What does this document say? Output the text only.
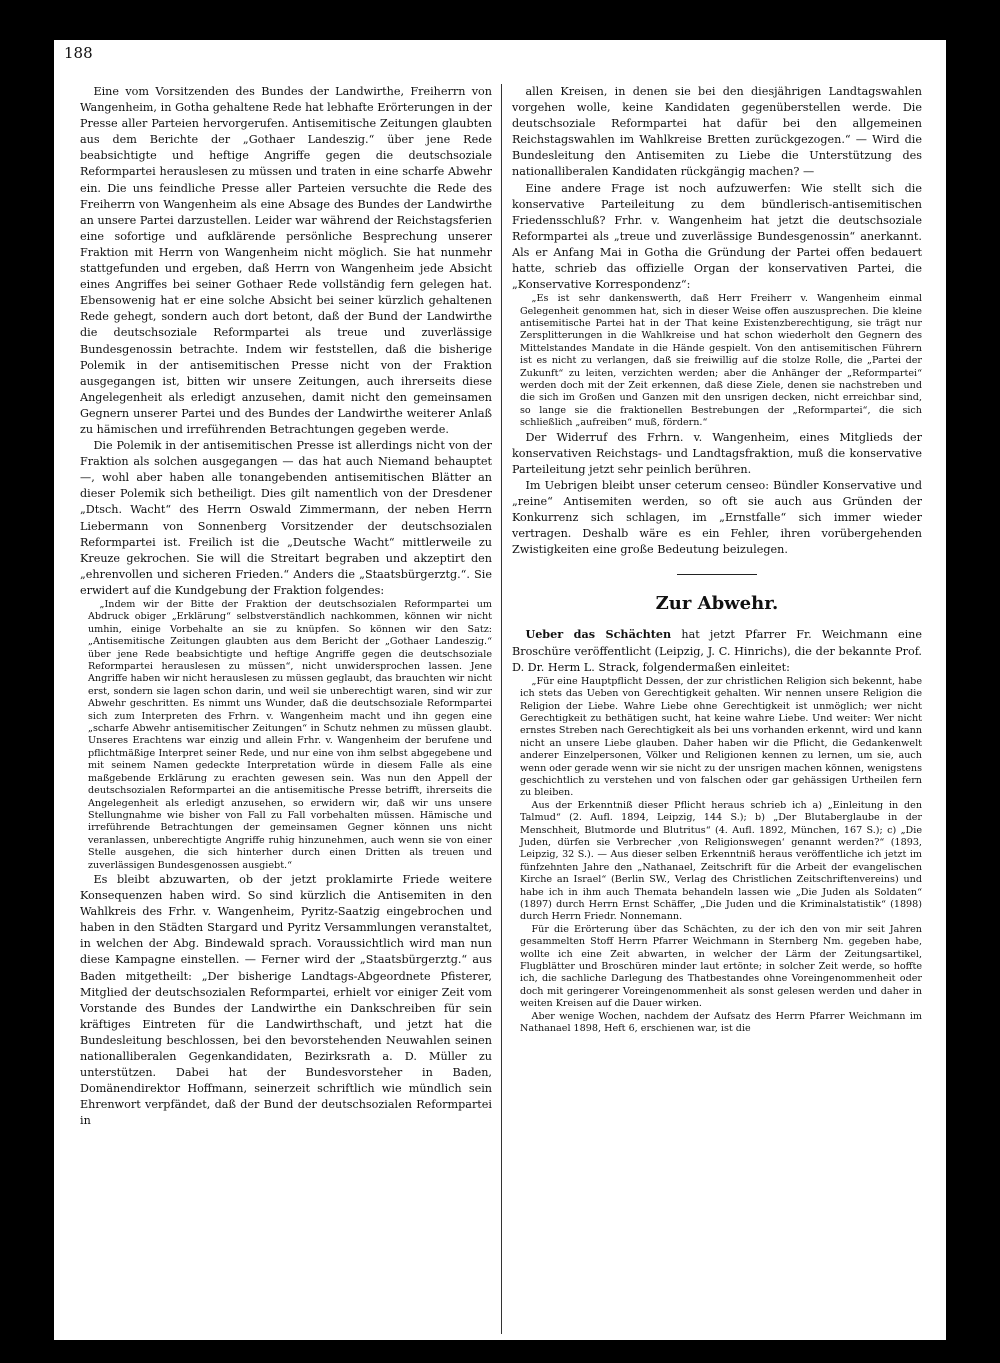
188

Eine vom Vorsitzenden des Bundes der Landwirthe, Freiherrn von Wangenheim, in Gotha gehaltene Rede hat lebhafte Erörterungen in der Presse aller Parteien hervorgerufen. Antisemitische Zeitungen glaubten aus dem Berichte der „Gothaer Landeszig.“ über jene Rede beabsichtigte und heftige Angriffe gegen die deutschsoziale Reformpartei herauslesen zu müssen und traten in eine scharfe Abwehr ein. Die uns feindliche Presse aller Parteien versuchte die Rede des Freiherrn von Wangenheim als eine Absage des Bundes der Landwirthe an unsere Partei darzustellen. Leider war während der Reichstagsferien eine sofortige und aufklärende persönliche Besprechung unserer Fraktion mit Herrn von Wangenheim nicht möglich. Sie hat nunmehr stattgefunden und ergeben, daß Herrn von Wangenheim jede Absicht eines Angriffes bei seiner Gothaer Rede vollständig fern gelegen hat. Ebensowenig hat er eine solche Absicht bei seiner kürzlich gehaltenen Rede gehegt, sondern auch dort betont, daß der Bund der Landwirthe die deutschsoziale Reformpartei als treue und zuverlässige Bundesgenossin betrachte. Indem wir feststellen, daß die bisherige Polemik in der antisemitischen Presse nicht von der Fraktion ausgegangen ist, bitten wir unsere Zeitungen, auch ihrerseits diese Angelegenheit als erledigt anzusehen, damit nicht den gemeinsamen Gegnern unserer Partei und des Bundes der Landwirthe weiterer Anlaß zu hämischen und irreführenden Betrachtungen gegeben werde.

Die Polemik in der antisemitischen Presse ist allerdings nicht von der Fraktion als solchen ausgegangen — das hat auch Niemand behauptet —, wohl aber haben alle tonangebenden antisemitischen Blätter an dieser Polemik sich betheiligt. Dies gilt namentlich von der Dresdener „Dtsch. Wacht“ des Herrn Oswald Zimmermann, der neben Herrn Liebermann von Sonnenberg Vorsitzender der deutschsozialen Reformpartei ist. Freilich ist die „Deutsche Wacht“ mittlerweile zu Kreuze gekrochen. Sie will die Streitart begraben und akzeptirt den „ehrenvollen und sicheren Frieden.“ Anders die „Staatsbürgerztg.“. Sie erwidert auf die Kundgebung der Fraktion folgendes:

„Indem wir der Bitte der Fraktion der deutschsozialen Reformpartei um Abdruck obiger „Erklärung“ selbstverständlich nachkommen, können wir nicht umhin, einige Vorbehalte an sie zu knüpfen. So können wir den Satz: „Antisemitische Zeitungen glaubten aus dem Bericht der „Gothaer Landeszig.“ über jene Rede beabsichtigte und heftige Angriffe gegen die deutschsoziale Reformpartei herauslesen zu müssen“, nicht unwidersprochen lassen. Jene Angriffe haben wir nicht herauslesen zu müssen geglaubt, das brauchten wir nicht erst, sondern sie lagen schon darin, und weil sie unberechtigt waren, sind wir zur Abwehr geschritten. Es nimmt uns Wunder, daß die deutschsoziale Reformpartei sich zum Interpreten des Frhrn. v. Wangenheim macht und ihn gegen eine „scharfe Abwehr antisemitischer Zeitungen“ in Schutz nehmen zu müssen glaubt. Unseres Erachtens war einzig und allein Frhr. v. Wangenheim der berufene und pflichtmäßige Interpret seiner Rede, und nur eine von ihm selbst abgegebene und mit seinem Namen gedeckte Interpretation würde in diesem Falle als eine maßgebende Erklärung zu erachten gewesen sein. Was nun den Appell der deutschsozialen Reformpartei an die antisemitische Presse betrifft, ihrerseits die Angelegenheit als erledigt anzusehen, so erwidern wir, daß wir uns unsere Stellungnahme wie bisher von Fall zu Fall vorbehalten müssen. Hämische und irreführende Betrachtungen der gemeinsamen Gegner können uns nicht veranlassen, unberechtigte Angriffe ruhig hinzunehmen, auch wenn sie von einer Stelle ausgehen, die sich hinterher durch einen Dritten als treuen und zuverlässigen Bundesgenossen ausgiebt.“

Es bleibt abzuwarten, ob der jetzt proklamirte Friede weitere Konsequenzen haben wird. So sind kürzlich die Antisemiten in den Wahlkreis des Frhr. v. Wangenheim, Pyritz-Saatzig eingebrochen und haben in den Städten Stargard und Pyritz Versammlungen veranstaltet, in welchen der Abg. Bindewald sprach. Voraussichtlich wird man nun diese Kampagne einstellen. — Ferner wird der „Staatsbürgerztg.“ aus Baden mitgetheilt: „Der bisherige Landtags-Abgeordnete Pfisterer, Mitglied der deutschsozialen Reformpartei, erhielt vor einiger Zeit vom Vorstande des Bundes der Landwirthe ein Dankschreiben für sein kräftiges Eintreten für die Landwirthschaft, und jetzt hat die Bundesleitung beschlossen, bei den bevorstehenden Neuwahlen seinen nationalliberalen Gegenkandidaten, Bezirksrath a. D. Müller zu unterstützen. Dabei hat der Bundesvorsteher in Baden, Domänendirektor Hoffmann, seinerzeit schriftlich wie mündlich sein Ehrenwort verpfändet, daß der Bund der deutschsozialen Reformpartei in

allen Kreisen, in denen sie bei den diesjährigen Landtagswahlen vorgehen wolle, keine Kandidaten gegenüberstellen werde. Die deutschsoziale Reformpartei hat dafür bei den allgemeinen Reichstagswahlen im Wahlkreise Bretten zurückgezogen.“ — Wird die Bundesleitung den Antisemiten zu Liebe die Unterstützung des nationalliberalen Kandidaten rückgängig machen? —

Eine andere Frage ist noch aufzuwerfen: Wie stellt sich die konservative Parteileitung zu dem bündlerisch-antisemitischen Friedensschluß? Frhr. v. Wangenheim hat jetzt die deutschsoziale Reformpartei als „treue und zuverlässige Bundesgenossin“ anerkannt. Als er Anfang Mai in Gotha die Gründung der Partei offen bedauert hatte, schrieb das offizielle Organ der konservativen Partei, die „Konservative Korrespondenz“:

„Es ist sehr dankenswerth, daß Herr Freiherr v. Wangenheim einmal Gelegenheit genommen hat, sich in dieser Weise offen auszusprechen. Die kleine antisemitische Partei hat in der That keine Existenzberechtigung, sie trägt nur Zersplitterungen in die Wahlkreise und hat schon wiederholt den Gegnern des Mittelstandes Mandate in die Hände gespielt. Von den antisemitischen Führern ist es nicht zu verlangen, daß sie freiwillig auf die stolze Rolle, die „Partei der Zukunft“ zu leiten, verzichten werden; aber die Anhänger der „Reformpartei“ werden doch mit der Zeit erkennen, daß diese Ziele, denen sie nachstreben und die sich im Großen und Ganzen mit den unsrigen decken, nicht erreichbar sind, so lange sie die fraktionellen Bestrebungen der „Reformpartei“, die sich schließlich „aufreiben“ muß, fördern.“

Der Widerruf des Frhrn. v. Wangenheim, eines Mitglieds der konservativen Reichstags- und Landtagsfraktion, muß die konservative Parteileitung jetzt sehr peinlich berühren.

Im Uebrigen bleibt unser ceterum censeo: Bündler Konservative und „reine“ Antisemiten werden, so oft sie auch aus Gründen der Konkurrenz sich schlagen, im „Ernstfalle“ sich immer wieder vertragen. Deshalb wäre es ein Fehler, ihren vorübergehenden Zwistigkeiten eine große Bedeutung beizulegen.

Zur Abwehr.

Ueber das Schächten hat jetzt Pfarrer Fr. Weichmann eine Broschüre veröffentlicht (Leipzig, J. C. Hinrichs), die der bekannte Prof. D. Dr. Herm L. Strack, folgendermaßen einleitet:

„Für eine Hauptpflicht Dessen, der zur christlichen Religion sich bekennt, habe ich stets das Ueben von Gerechtigkeit gehalten. Wir nennen unsere Religion die Religion der Liebe. Wahre Liebe ohne Gerechtigkeit ist unmöglich; wer nicht Gerechtigkeit zu bethätigen sucht, hat keine wahre Liebe. Und weiter: Wer nicht ernstes Streben nach Gerechtigkeit als bei uns vorhanden erkennt, wird und kann nicht an unsere Liebe glauben. Daher haben wir die Pflicht, die Gedankenwelt anderer Einzelpersonen, Völker und Religionen kennen zu lernen, um sie, auch wenn oder gerade wenn wir sie nicht zu der unsrigen machen können, wenigstens geschichtlich zu verstehen und von falschen oder gar gehässigen Urtheilen fern zu bleiben.

Aus der Erkenntniß dieser Pflicht heraus schrieb ich a) „Einleitung in den Talmud“ (2. Aufl. 1894, Leipzig, 144 S.); b) „Der Blutaberglaube in der Menschheit, Blutmorde und Blutritus“ (4. Aufl. 1892, München, 167 S.); c) „Die Juden, dürfen sie Verbrecher ‚von Religionswegen‘ genannt werden?“ (1893, Leipzig, 32 S.). — Aus dieser selben Erkenntniß heraus veröffentliche ich jetzt im fünfzehnten Jahre den „Nathanael, Zeitschrift für die Arbeit der evangelischen Kirche an Israel“ (Berlin SW., Verlag des Christlichen Zeitschriftenvereins) und habe ich in ihm auch Themata behandeln lassen wie „Die Juden als Soldaten“ (1897) durch Herrn Ernst Schäffer, „Die Juden und die Kriminalstatistik“ (1898) durch Herrn Friedr. Nonnemann.

Für die Erörterung über das Schächten, zu der ich den von mir seit Jahren gesammelten Stoff Herrn Pfarrer Weichmann in Sternberg Nm. gegeben habe, wollte ich eine Zeit abwarten, in welcher der Lärm der Zeitungsartikel, Flugblätter und Broschüren minder laut ertönte; in solcher Zeit werde, so hoffte ich, die sachliche Darlegung des Thatbestandes ohne Voreingenommenheit oder doch mit geringerer Voreingenommenheit als sonst gelesen werden und daher in weiten Kreisen auf die Dauer wirken.

Aber wenige Wochen, nachdem der Aufsatz des Herrn Pfarrer Weichmann im Nathanael 1898, Heft 6, erschienen war, ist die
